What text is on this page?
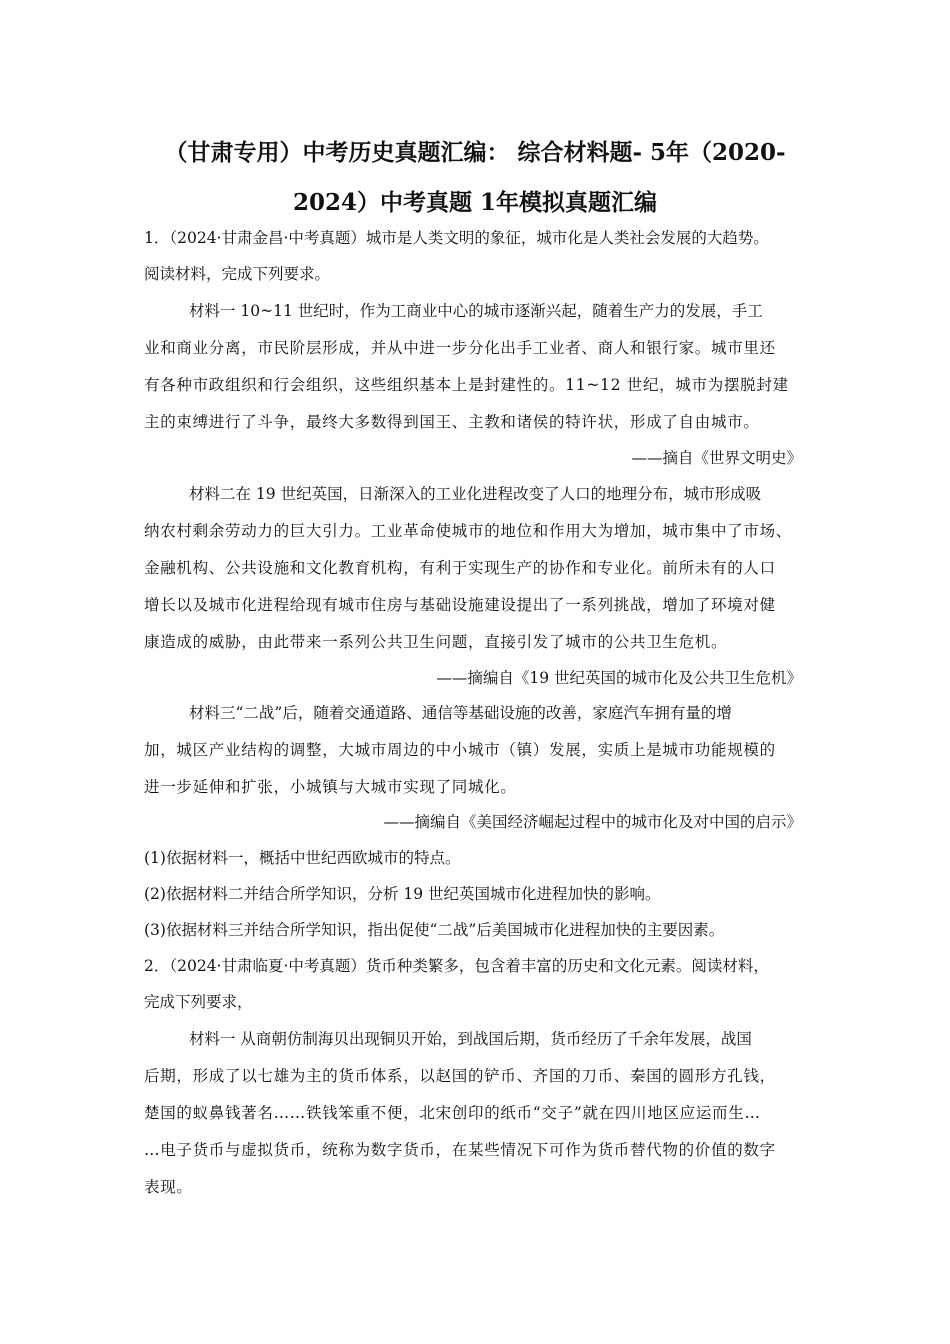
（甘肃专用）中考历史真题汇编： 综合材料题- 5年（2020-
2024）中考真题 1年模拟真题汇编
1．（2024·甘肃金昌·中考真题）城市是人类文明的象征，城市化是人类社会发展的大趋势。
阅读材料，完成下列要求。
材料一 10~11 世纪时，作为工商业中心的城市逐渐兴起，随着生产力的发展，手工
业和商业分离，市民阶层形成，并从中进一步分化出手工业者、商人和银行家。城市里还
有各种市政组织和行会组织，这些组织基本上是封建性的。11~12 世纪，城市为摆脱封建
主的束缚进行了斗争，最终大多数得到国王、主教和诸侯的特许状，形成了自由城市。
——摘自《世界文明史》
材料二在 19 世纪英国，日渐深入的工业化进程改变了人口的地理分布，城市形成吸
纳农村剩余劳动力的巨大引力。工业革命使城市的地位和作用大为增加，城市集中了市场、
金融机构、公共设施和文化教育机构，有利于实现生产的协作和专业化。前所未有的人口
增长以及城市化进程给现有城市住房与基础设施建设提出了一系列挑战，增加了环境对健
康造成的威胁，由此带来一系列公共卫生问题，直接引发了城市的公共卫生危机。
——摘编自《19 世纪英国的城市化及公共卫生危机》
材料三“二战”后，随着交通道路、通信等基础设施的改善，家庭汽车拥有量的增
加，城区产业结构的调整，大城市周边的中小城市（镇）发展，实质上是城市功能规模的
进一步延伸和扩张，小城镇与大城市实现了同城化。
——摘编自《美国经济崛起过程中的城市化及对中国的启示》
(1)依据材料一，概括中世纪西欧城市的特点。
(2)依据材料二并结合所学知识，分析 19 世纪英国城市化进程加快的影响。
(3)依据材料三并结合所学知识，指出促使“二战”后美国城市化进程加快的主要因素。
2．（2024·甘肃临夏·中考真题）货币种类繁多，包含着丰富的历史和文化元素。阅读材料，
完成下列要求，
材料一 从商朝仿制海贝出现铜贝开始，到战国后期，货币经历了千余年发展，战国
后期，形成了以七雄为主的货币体系，以赵国的铲币、齐国的刀币、秦国的圆形方孔钱，
楚国的蚁鼻钱著名……铁钱笨重不便，北宋创印的纸币“交子”就在四川地区应运而生…
…电子货币与虚拟货币，统称为数字货币，在某些情况下可作为货币替代物的价值的数字
表现。
